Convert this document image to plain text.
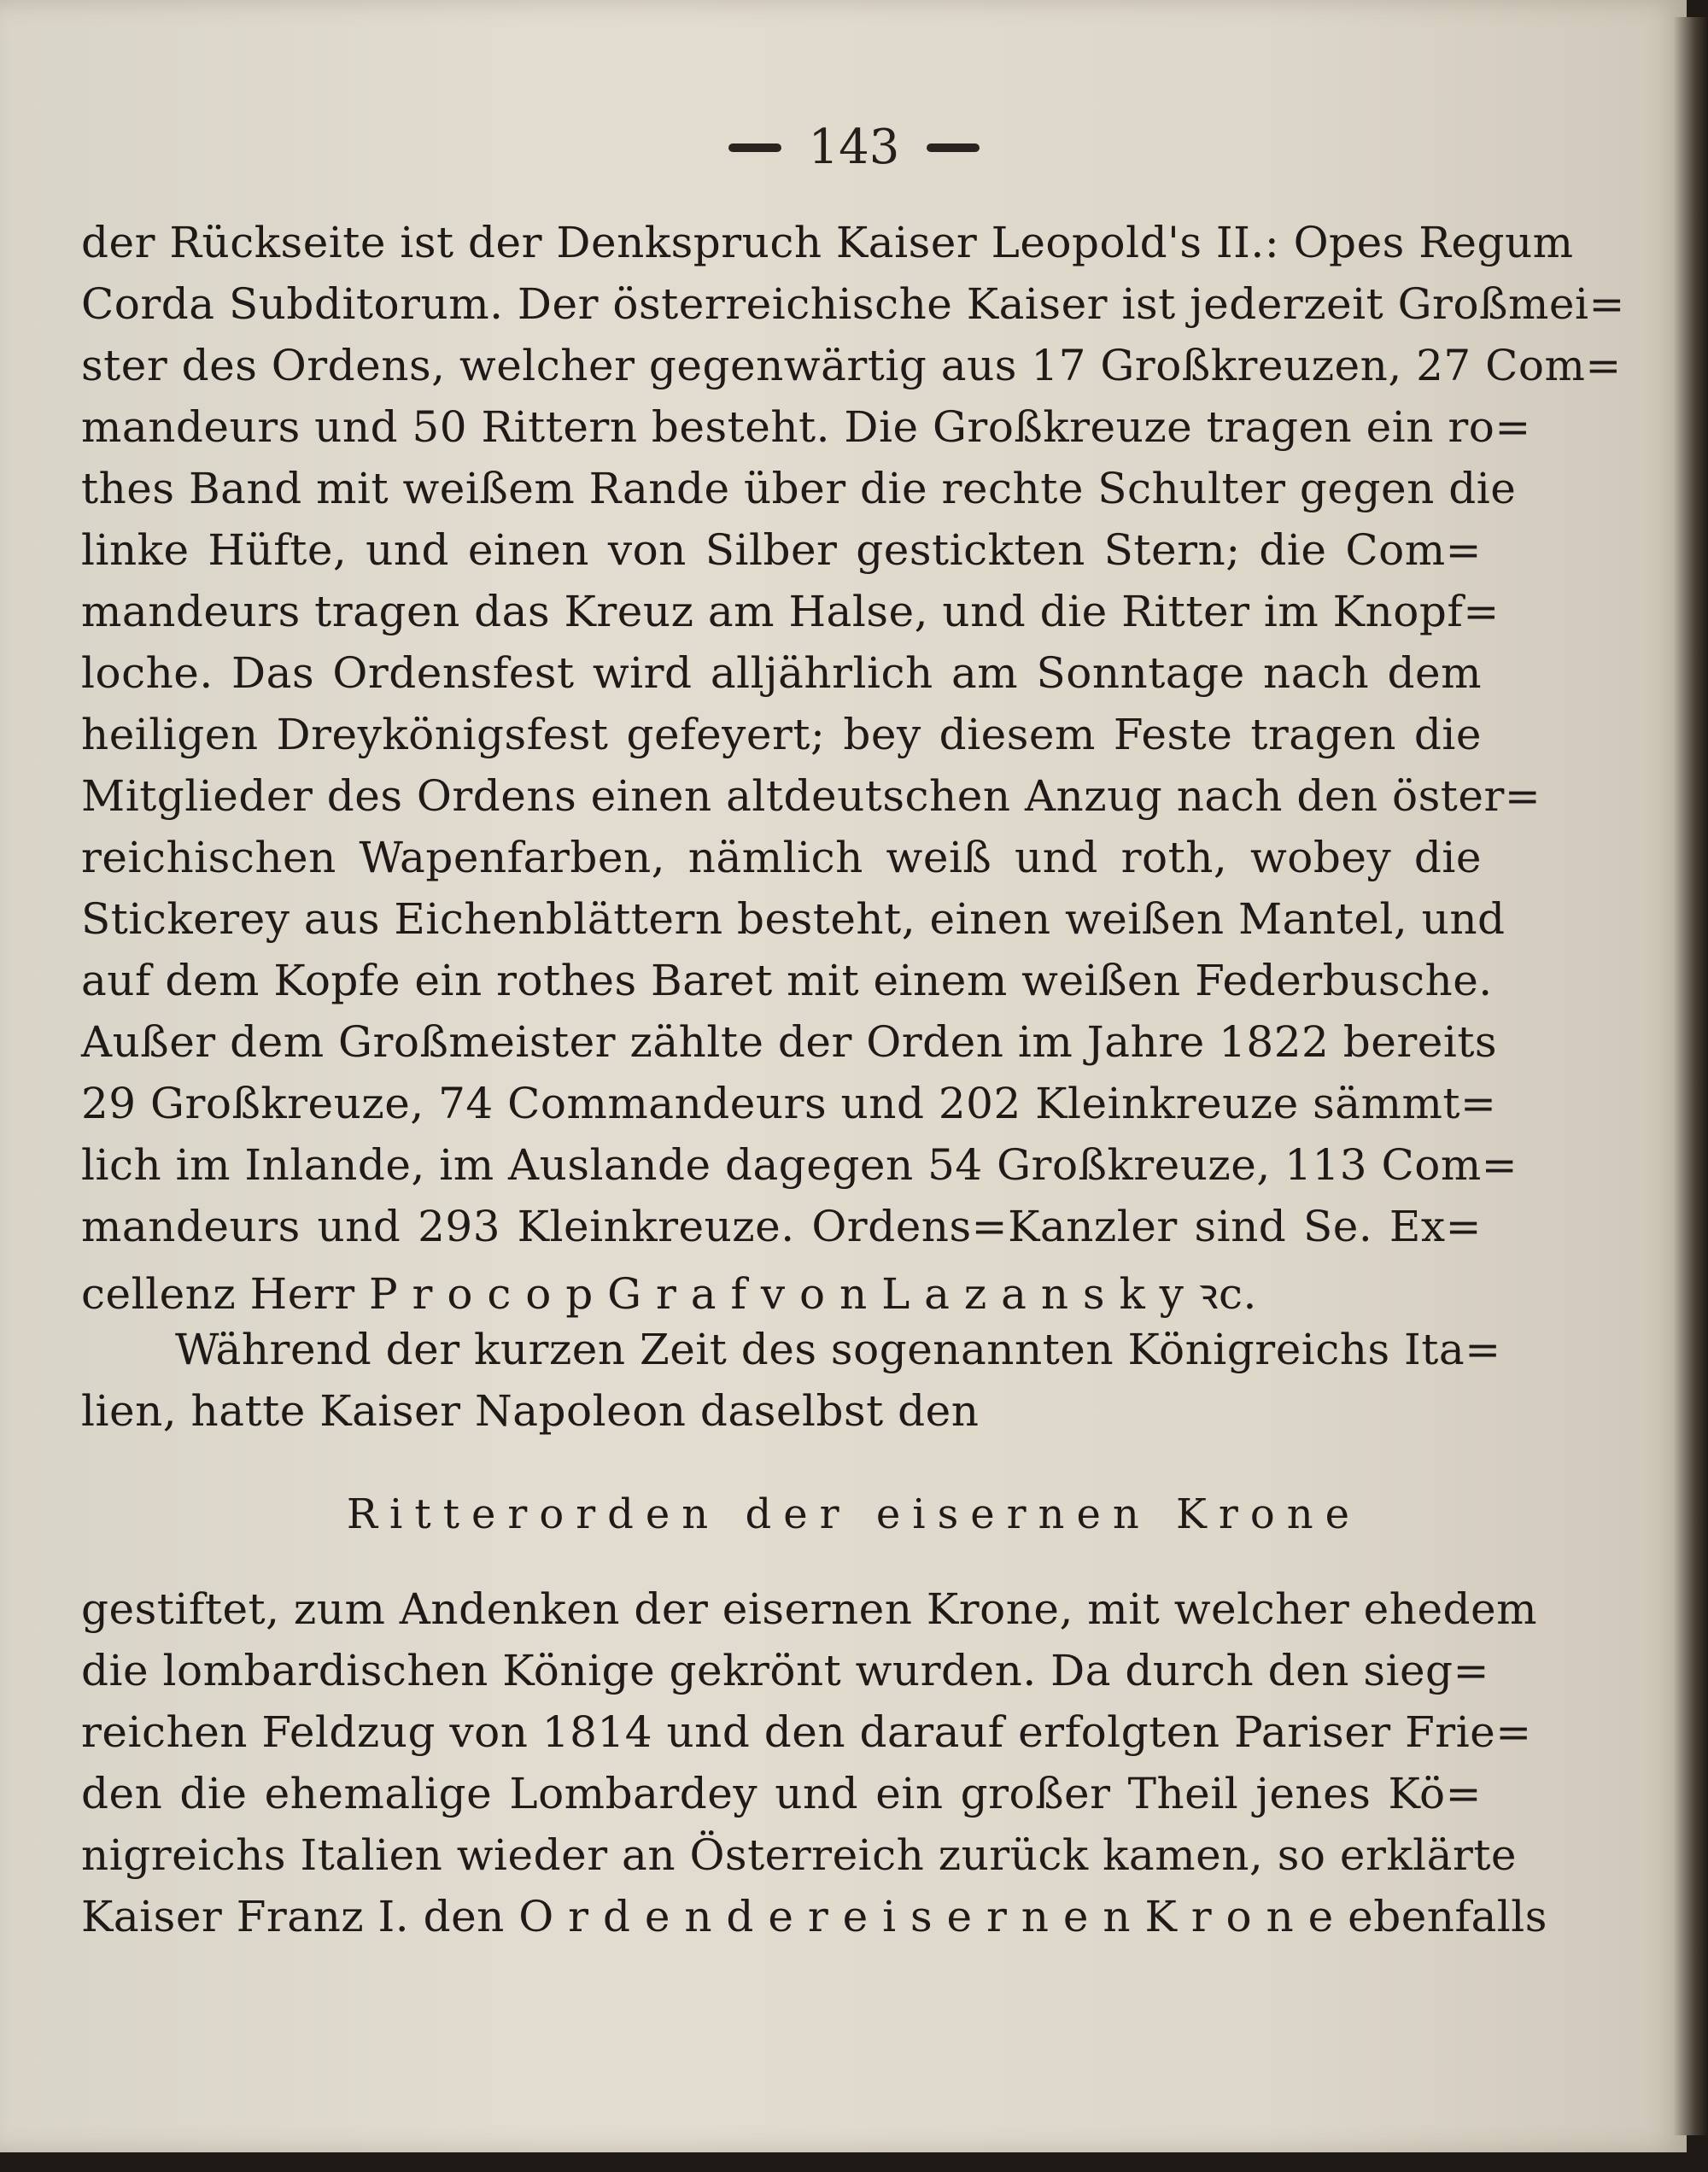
143
der Rückseite ist der Denkspruch Kaiser Leopold's II.: Opes Regum
Corda Subditorum. Der österreichische Kaiser ist jederzeit Großmei=
ster des Ordens, welcher gegenwärtig aus 17 Großkreuzen, 27 Com=
mandeurs und 50 Rittern besteht. Die Großkreuze tragen ein ro=
thes Band mit weißem Rande über die rechte Schulter gegen die
linke Hüfte, und einen von Silber gestickten Stern; die Com=
mandeurs tragen das Kreuz am Halse, und die Ritter im Knopf=
loche. Das Ordensfest wird alljährlich am Sonntage nach dem
heiligen Dreykönigsfest gefeyert; bey diesem Feste tragen die
Mitglieder des Ordens einen altdeutschen Anzug nach den öster=
reichischen Wapenfarben, nämlich weiß und roth, wobey die
Stickerey aus Eichenblättern besteht, einen weißen Mantel, und
auf dem Kopfe ein rothes Baret mit einem weißen Federbusche.
Außer dem Großmeister zählte der Orden im Jahre 1822 bereits
29 Großkreuze, 74 Commandeurs und 202 Kleinkreuze sämmt=
lich im Inlande, im Auslande dagegen 54 Großkreuze, 113 Com=
mandeurs und 293 Kleinkreuze. Ordens=Kanzler sind Se. Ex=
cellenz Herr P r o c o p G r a f v o n L a z a n s k y ꝛc.
Während der kurzen Zeit des sogenannten Königreichs Ita=
lien, hatte Kaiser Napoleon daselbst den
Ritterorden der eisernen Krone
gestiftet, zum Andenken der eisernen Krone, mit welcher ehedem
die lombardischen Könige gekrönt wurden. Da durch den sieg=
reichen Feldzug von 1814 und den darauf erfolgten Pariser Frie=
den die ehemalige Lombardey und ein großer Theil jenes Kö=
nigreichs Italien wieder an Österreich zurück kamen, so erklärte
Kaiser Franz I. den O r d e n d e r e i s e r n e n K r o n e ebenfalls
